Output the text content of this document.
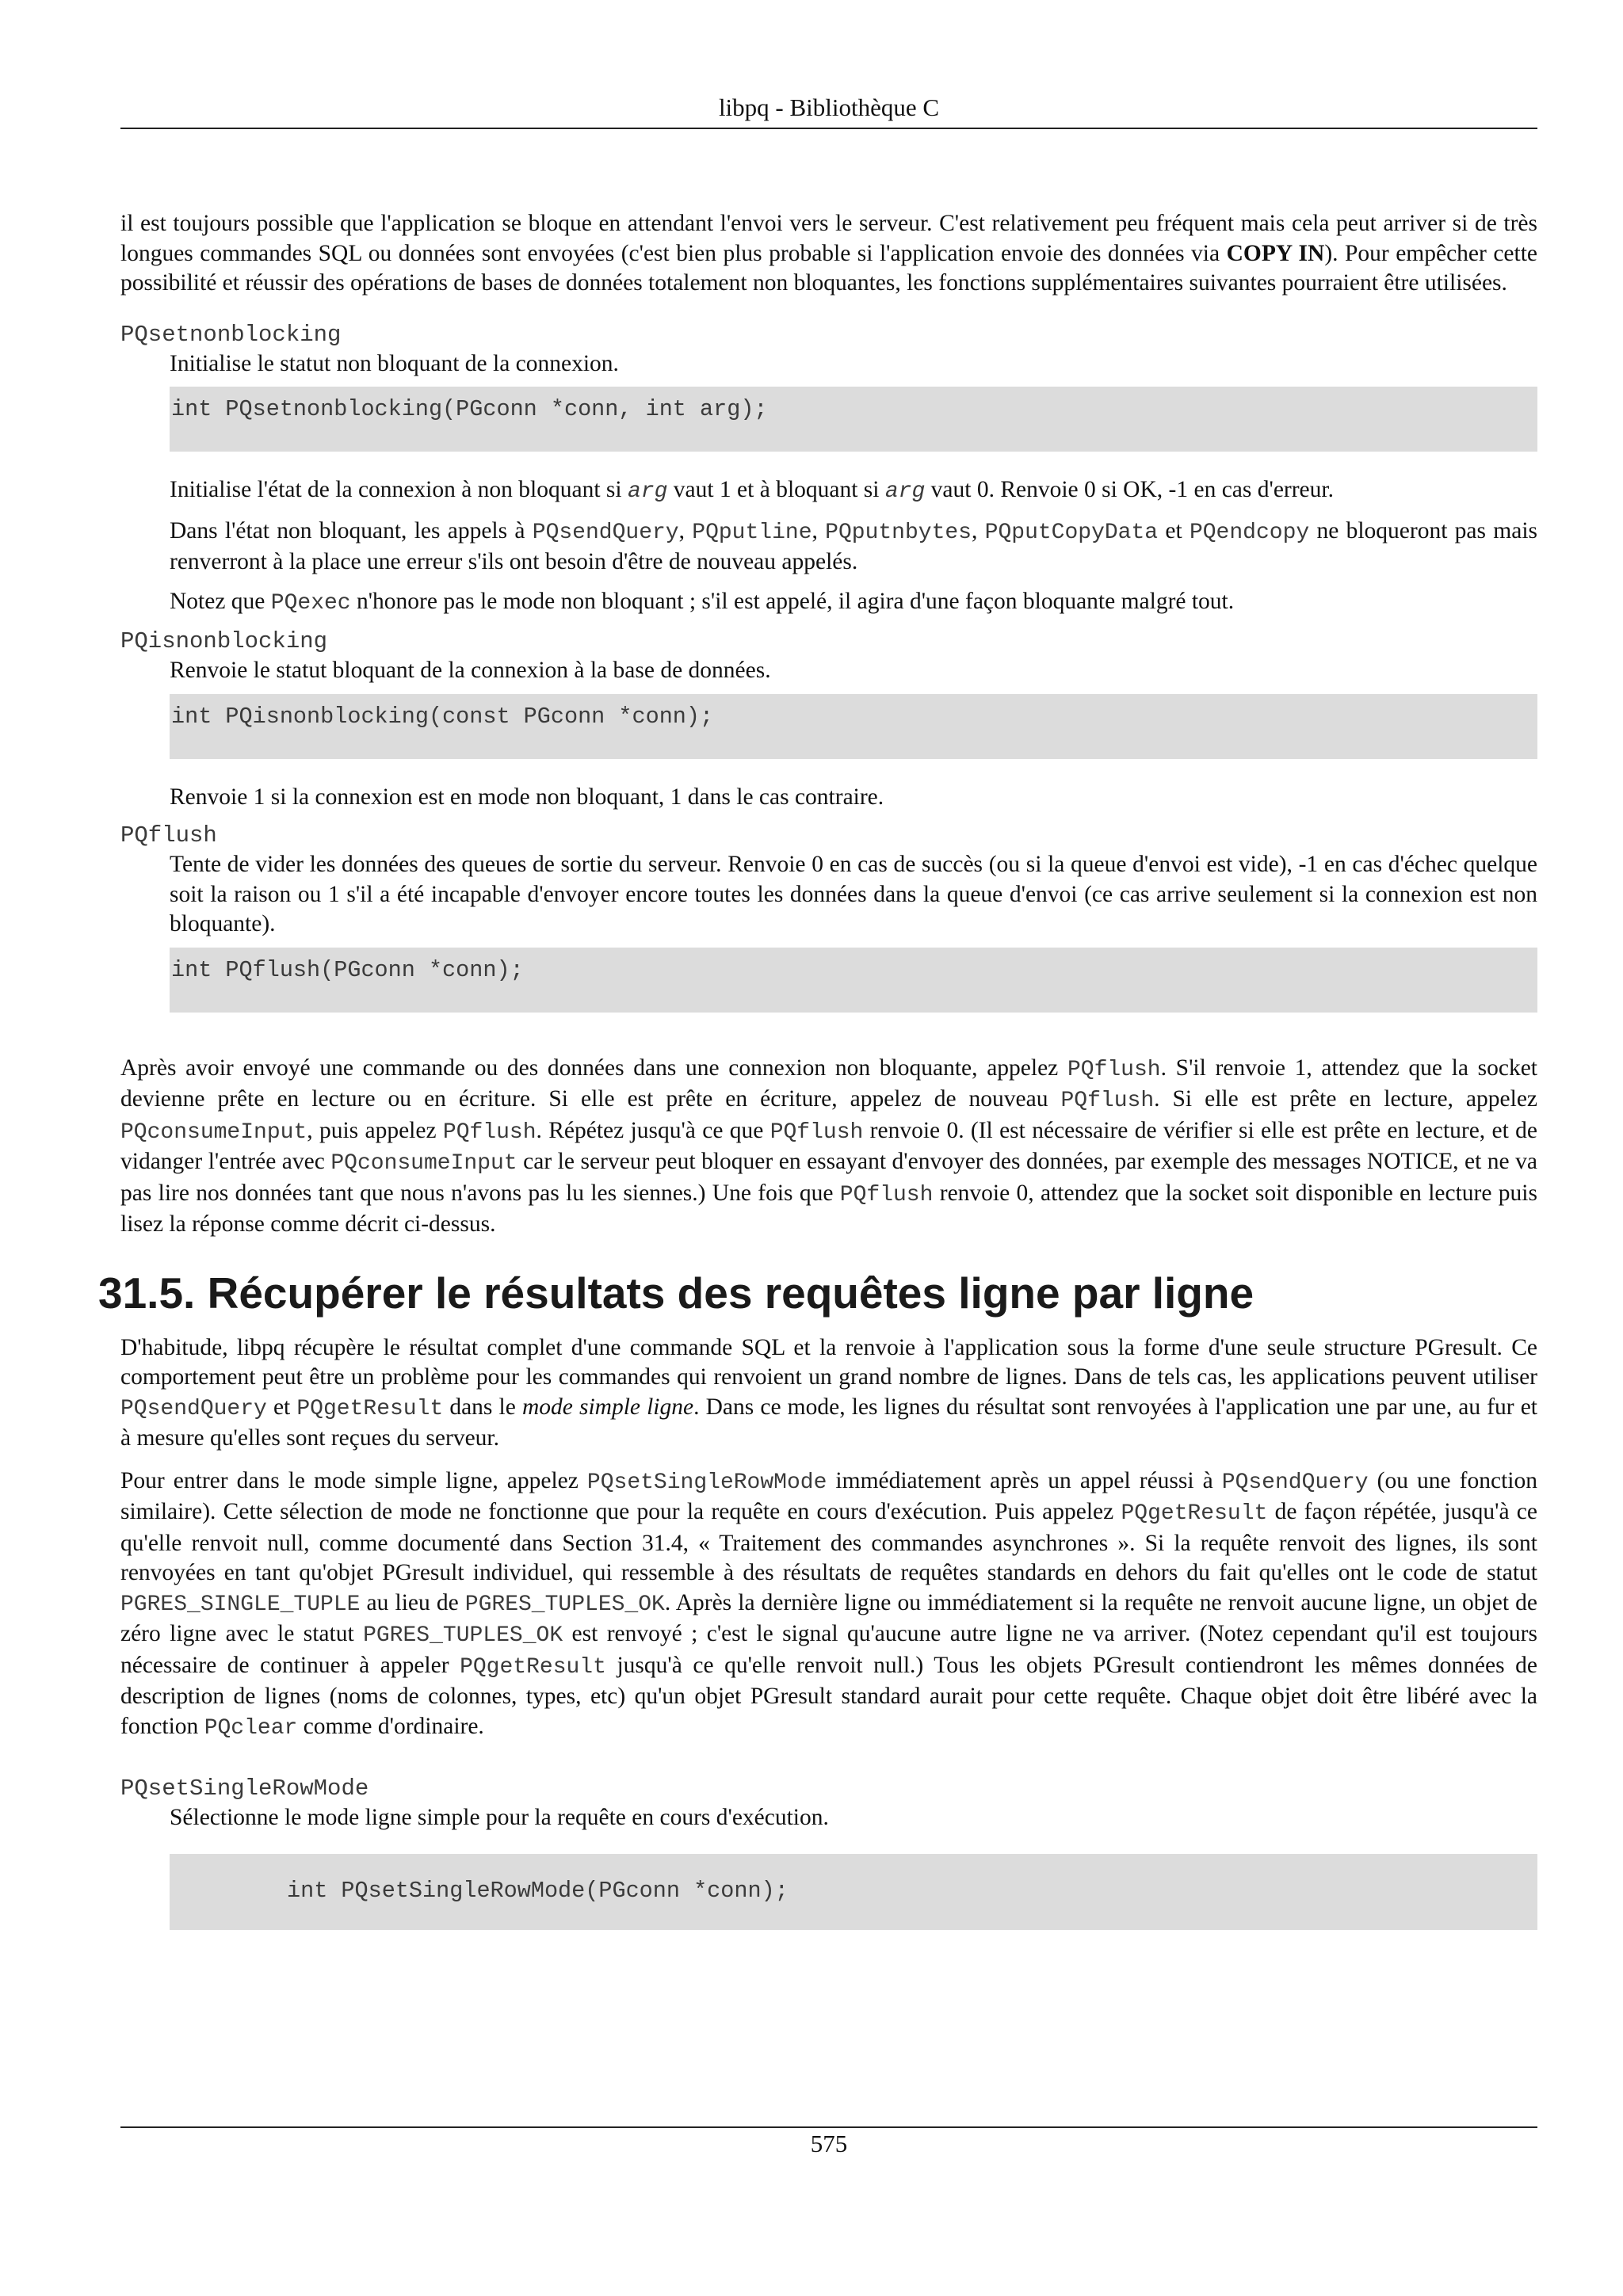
libpq - Bibliothèque C

il est toujours possible que l'application se bloque en attendant l'envoi vers le serveur. C'est relativement peu fréquent mais cela peut arriver si de très longues commandes SQL ou données sont envoyées (c'est bien plus probable si l'application envoie des données via COPY IN). Pour empêcher cette possibilité et réussir des opérations de bases de données totalement non bloquantes, les fonctions supplémentaires suivantes pourraient être utilisées.

PQsetnonblocking

Initialise le statut non bloquant de la connexion.

int PQsetnonblocking(PGconn *conn, int arg);

Initialise l'état de la connexion à non bloquant si arg vaut 1 et à bloquant si arg vaut 0. Renvoie 0 si OK, -1 en cas d'erreur.

Dans l'état non bloquant, les appels à PQsendQuery, PQputline, PQputnbytes, PQputCopyData et PQendcopy ne bloqueront pas mais renverront à la place une erreur s'ils ont besoin d'être de nouveau appelés.

Notez que PQexec n'honore pas le mode non bloquant ; s'il est appelé, il agira d'une façon bloquante malgré tout.

PQisnonblocking

Renvoie le statut bloquant de la connexion à la base de données.

int PQisnonblocking(const PGconn *conn);

Renvoie 1 si la connexion est en mode non bloquant, 1 dans le cas contraire.

PQflush

Tente de vider les données des queues de sortie du serveur. Renvoie 0 en cas de succès (ou si la queue d'envoi est vide), -1 en cas d'échec quelque soit la raison ou 1 s'il a été incapable d'envoyer encore toutes les données dans la queue d'envoi (ce cas arrive seulement si la connexion est non bloquante).

int PQflush(PGconn *conn);

Après avoir envoyé une commande ou des données dans une connexion non bloquante, appelez PQflush. S'il renvoie 1, attendez que la socket devienne prête en lecture ou en écriture. Si elle est prête en écriture, appelez de nouveau PQflush. Si elle est prête en lecture, appelez PQconsumeInput, puis appelez PQflush. Répétez jusqu'à ce que PQflush renvoie 0. (Il est nécessaire de vérifier si elle est prête en lecture, et de vidanger l'entrée avec PQconsumeInput car le serveur peut bloquer en essayant d'envoyer des données, par exemple des messages NOTICE, et ne va pas lire nos données tant que nous n'avons pas lu les siennes.) Une fois que PQflush renvoie 0, attendez que la socket soit disponible en lecture puis lisez la réponse comme décrit ci-dessus.

31.5. Récupérer le résultats des requêtes ligne par ligne

D'habitude, libpq récupère le résultat complet d'une commande SQL et la renvoie à l'application sous la forme d'une seule structure PGresult. Ce comportement peut être un problème pour les commandes qui renvoient un grand nombre de lignes. Dans de tels cas, les applications peuvent utiliser PQsendQuery et PQgetResult dans le mode simple ligne. Dans ce mode, les lignes du résultat sont renvoyées à l'application une par une, au fur et à mesure qu'elles sont reçues du serveur.

Pour entrer dans le mode simple ligne, appelez PQsetSingleRowMode immédiatement après un appel réussi à PQsendQuery (ou une fonction similaire). Cette sélection de mode ne fonctionne que pour la requête en cours d'exécution. Puis appelez PQgetResult de façon répétée, jusqu'à ce qu'elle renvoit null, comme documenté dans Section 31.4, « Traitement des commandes asynchrones ». Si la requête renvoit des lignes, ils sont renvoyées en tant qu'objet PGresult individuel, qui ressemble à des résultats de requêtes standards en dehors du fait qu'elles ont le code de statut PGRES_SINGLE_TUPLE au lieu de PGRES_TUPLES_OK. Après la dernière ligne ou immédiatement si la requête ne renvoit aucune ligne, un objet de zéro ligne avec le statut PGRES_TUPLES_OK est renvoyé ; c'est le signal qu'aucune autre ligne ne va arriver. (Notez cependant qu'il est toujours nécessaire de continuer à appeler PQgetResult jusqu'à ce qu'elle renvoit null.) Tous les objets PGresult contiendront les mêmes données de description de lignes (noms de colonnes, types, etc) qu'un objet PGresult standard aurait pour cette requête. Chaque objet doit être libéré avec la fonction PQclear comme d'ordinaire.

PQsetSingleRowMode

Sélectionne le mode ligne simple pour la requête en cours d'exécution.

int PQsetSingleRowMode(PGconn *conn);
575
